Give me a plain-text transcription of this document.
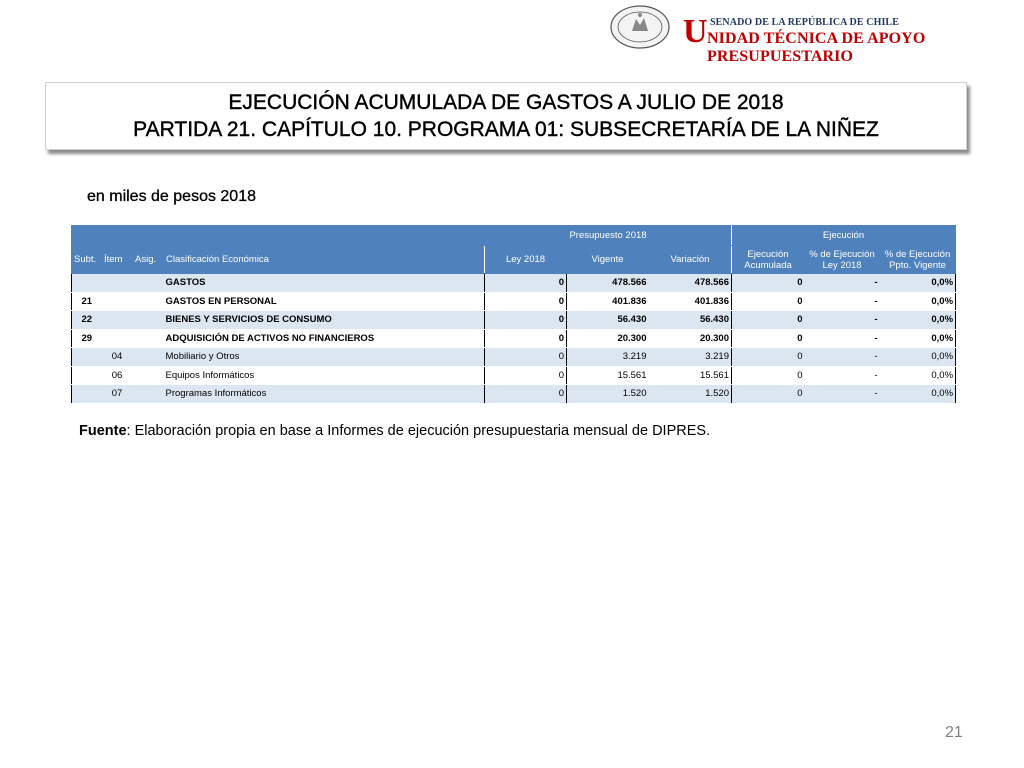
U SENADO DE LA REPÚBLICA DE CHILE
NIDAD TÉCNICA DE APOYO PRESUPUESTARIO
EJECUCIÓN ACUMULADA DE GASTOS A JULIO DE 2018
PARTIDA 21. CAPÍTULO 10. PROGRAMA 01: SUBSECRETARÍA DE LA NIÑEZ
en miles de pesos 2018
				Presupuesto 2018			Ejecución		
Subt.	Ítem	Asig.	Clasificación Económica	Ley 2018	Vigente	Variación	Ejecución Acumulada	% de Ejecución Ley 2018	% de Ejecución Ppto. Vigente
			GASTOS	0	478.566	478.566	0	-	0,0%
21			GASTOS EN PERSONAL	0	401.836	401.836	0	-	0,0%
22			BIENES Y SERVICIOS DE CONSUMO	0	56.430	56.430	0	-	0,0%
29			ADQUISICIÓN DE ACTIVOS NO FINANCIEROS	0	20.300	20.300	0	-	0,0%
	04		Mobiliario y Otros	0	3.219	3.219	0	-	0,0%
	06		Equipos Informáticos	0	15.561	15.561	0	-	0,0%
	07		Programas Informáticos	0	1.520	1.520	0	-	0,0%
Fuente: Elaboración propia en base a Informes de ejecución presupuestaria mensual de DIPRES.
21
